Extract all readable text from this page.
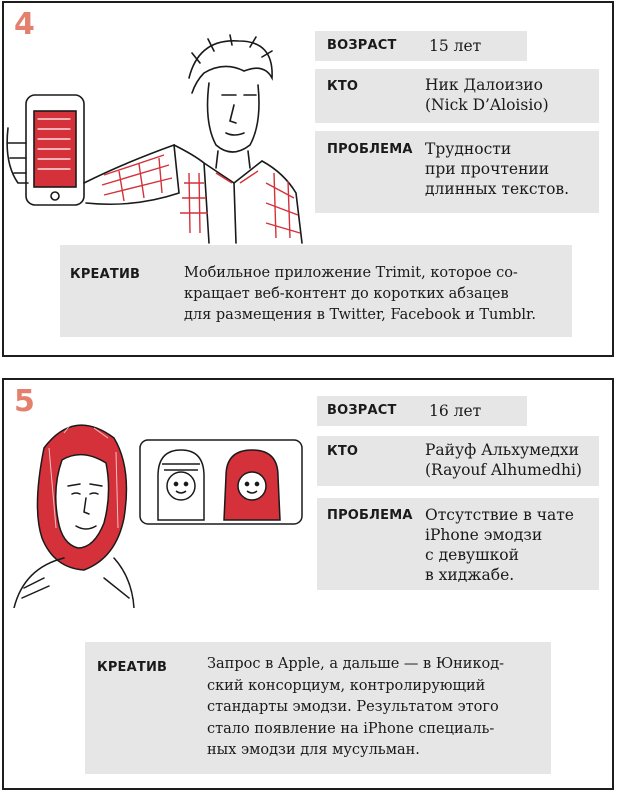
4
ВОЗРАСТ 15 лет
КТО	Ник Далоизио
(Nick D’Aloisio)
ПРОБЛЕМА Трудности
при прочтении
длинных текстов.
КРЕАТИВ	Мобильное приложение Trimit, которое со-
кращает веб-контент до коротких абзацев
для размещения в Twitter, Facebook и Tumblr.
5	ВОЗРАСТ 16 лет
КТО	Райуф Альхумедхи
(Rayouf Alhumedhi)
ПРОБЛЕМА Отсутствие в чате
iPhone эмодзи
с девушкой
в хиджабе.
КРЕАТИВ	Запрос в Apple, а дальше — в Юникод-
ский консорциум, контролирующий
стандарты эмодзи. Результатом этого
стало появление на iPhone специаль-
ных эмодзи для мусульман.
